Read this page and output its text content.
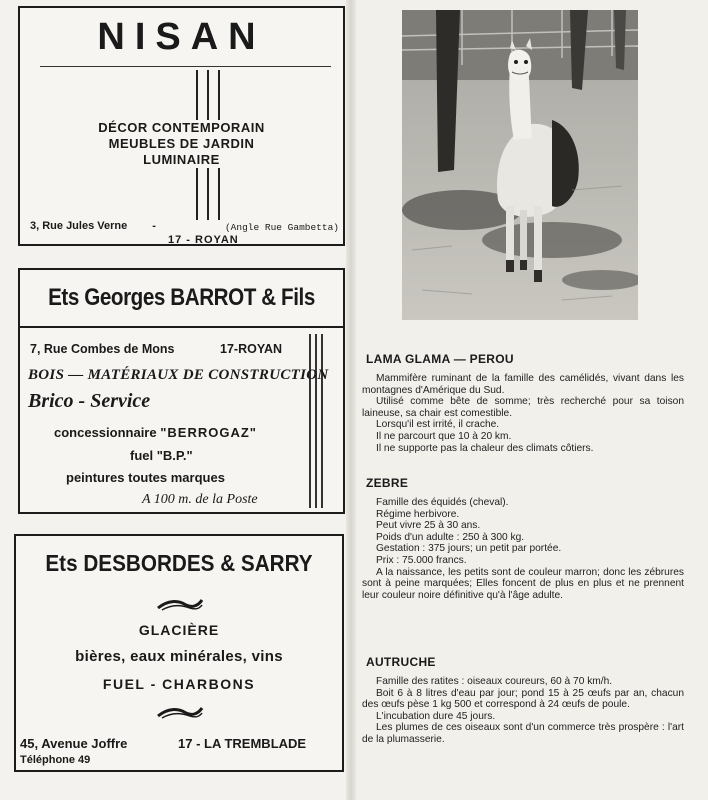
NISAN
DÉCOR CONTEMPORAIN
MEUBLES DE JARDIN
LUMINAIRE
3, Rue Jules Verne -	(Angle Rue Gambetta)
17 - ROYAN
Ets Georges BARROT & Fils
7, Rue Combes de Mons	17-ROYAN
BOIS — MATÉRIAUX DE CONSTRUCTION
Brico - Service
concessionnaire "BERROGAZ"
fuel "B.P."
peintures toutes marques
A 100 m. de la Poste
Ets DESBORDES & SARRY
GLACIÈRE
bières, eaux minérales, vins
FUEL - CHARBONS
45, Avenue Joffre	17 - LA TREMBLADE
Téléphone 49
LAMA GLAMA — PEROU

Mammifère ruminant de la famille des camélidés, vivant dans les montagnes d'Amérique du Sud.

Utilisé comme bête de somme; très recherché pour sa toison laineuse, sa chair est comestible.

Lorsqu'il est irrité, il crache.

Il ne parcourt que 10 à 20 km.

Il ne supporte pas la chaleur des climats côtiers.

ZEBRE

Famille des équidés (cheval).

Régime herbivore.

Peut vivre 25 à 30 ans.

Poids d'un adulte : 250 à 300 kg.

Gestation : 375 jours; un petit par portée.

Prix : 75.000 francs.

A la naissance, les petits sont de couleur marron; donc les zébrures sont à peine marquées; Elles foncent de plus en plus et ne prennent leur couleur noire définitive qu'à l'âge adulte.

AUTRUCHE

Famille des ratites : oiseaux coureurs, 60 à 70 km/h.

Boit 6 à 8 litres d'eau par jour; pond 15 à 25 œufs par an, chacun des œufs pèse 1 kg 500 et correspond à 24 œufs de poule.

L'incubation dure 45 jours.

Les plumes de ces oiseaux sont d'un commerce très prospère : l'art de la plumasserie.
